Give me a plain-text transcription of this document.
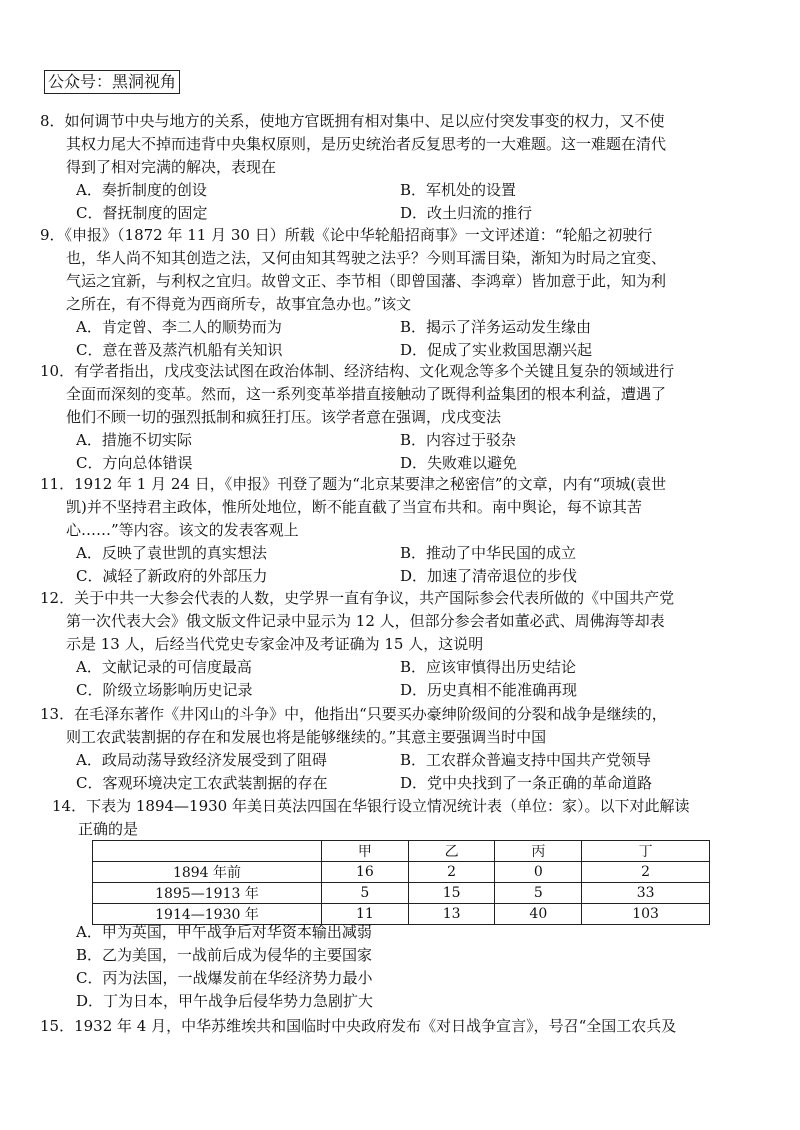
公众号：黑洞视角
8．如何调节中央与地方的关系，使地方官既拥有相对集中、足以应付突发事变的权力，又不使
其权力尾大不掉而违背中央集权原则，是历史统治者反复思考的一大难题。这一难题在清代
得到了相对完满的解决，表现在
A．奏折制度的创设	B．军机处的设置
C．督抚制度的固定	D．改土归流的推行
9．《申报》（1872 年 11 月 30 日）所载《论中华轮船招商事》一文评述道：“轮船之初驶行
也，华人尚不知其创造之法，又何由知其驾驶之法乎？今则耳濡目染，渐知为时局之宜变、
气运之宜新，与利权之宜归。故曾文正、李节相（即曾国藩、李鸿章）皆加意于此，知为利
之所在，有不得竟为西商所专，故事宜急办也。”该文
A．肯定曾、李二人的顺势而为	B．揭示了洋务运动发生缘由
C．意在普及蒸汽机船有关知识	D．促成了实业救国思潮兴起
10．有学者指出，戊戌变法试图在政治体制、经济结构、文化观念等多个关键且复杂的领域进行
全面而深刻的变革。然而，这一系列变革举措直接触动了既得利益集团的根本利益，遭遇了
他们不顾一切的强烈抵制和疯狂打压。该学者意在强调，戊戌变法
A．措施不切实际	B．内容过于驳杂
C．方向总体错误	D．失败难以避免
11．1912 年 1 月 24 日，《申报》刊登了题为“北京某要津之秘密信”的文章，内有“项城(袁世
凯)并不坚持君主政体，惟所处地位，断不能直截了当宣布共和。南中舆论，每不谅其苦
心……”等内容。该文的发表客观上
A．反映了袁世凯的真实想法	B．推动了中华民国的成立
C．减轻了新政府的外部压力	D．加速了清帝退位的步伐
12．关于中共一大参会代表的人数，史学界一直有争议，共产国际参会代表所做的《中国共产党
第一次代表大会》俄文版文件记录中显示为 12 人，但部分参会者如董必武、周佛海等却表
示是 13 人，后经当代党史专家金冲及考证确为 15 人，这说明
A．文献记录的可信度最高	B．应该审慎得出历史结论
C．阶级立场影响历史记录	D．历史真相不能准确再现
13．在毛泽东著作《井冈山的斗争》中，他指出“只要买办豪绅阶级间的分裂和战争是继续的，
则工农武装割据的存在和发展也将是能够继续的。”其意主要强调当时中国
A．政局动荡导致经济发展受到了阻碍	B．工农群众普遍支持中国共产党领导
C．客观环境决定工农武装割据的存在	D．党中央找到了一条正确的革命道路
14．下表为 1894—1930 年美日英法四国在华银行设立情况统计表（单位：家）。以下对此解读
正确的是
	甲	乙	丙	丁
1894 年前	16	2	0	2
1895—1913 年	5	15	5	33
1914—1930 年	11	13	40	103
A．甲为英国，甲午战争后对华资本输出减弱
B．乙为美国，一战前后成为侵华的主要国家
C．丙为法国，一战爆发前在华经济势力最小
D．丁为日本，甲午战争后侵华势力急剧扩大
15．1932 年 4 月，中华苏维埃共和国临时中央政府发布《对日战争宣言》，号召“全国工农兵及
